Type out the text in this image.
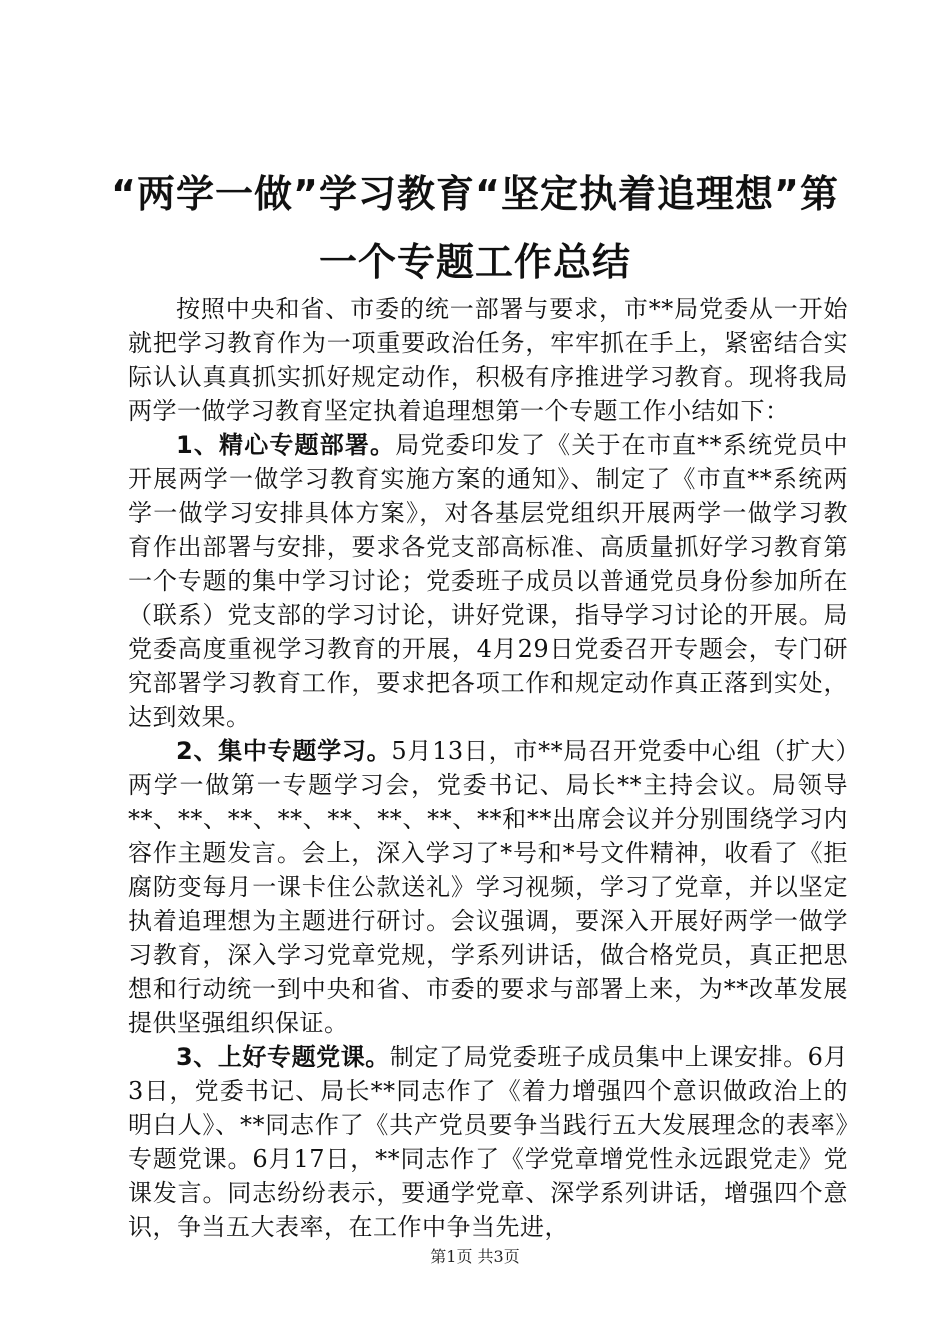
“两学一做”学习教育“坚定执着追理想”第
一个专题工作总结

按照中央和省、市委的统一部署与要求，市**局党委从一开始就把学习教育作为一项重要政治任务，牢牢抓在手上，紧密结合实际认认真真抓实抓好规定动作，积极有序推进学习教育。现将我局两学一做学习教育坚定执着追理想第一个专题工作小结如下：

1、精心专题部署。局党委印发了《关于在市直**系统党员中开展两学一做学习教育实施方案的通知》、制定了《市直**系统两学一做学习安排具体方案》，对各基层党组织开展两学一做学习教育作出部署与安排，要求各党支部高标准、高质量抓好学习教育第一个专题的集中学习讨论；党委班子成员以普通党员身份参加所在（联系）党支部的学习讨论，讲好党课，指导学习讨论的开展。局党委高度重视学习教育的开展，4月29日党委召开专题会，专门研究部署学习教育工作，要求把各项工作和规定动作真正落到实处，达到效果。

2、集中专题学习。5月13日，市**局召开党委中心组（扩大）两学一做第一专题学习会，党委书记、局长**主持会议。局领导**、**、**、**、**、**、**、**和**出席会议并分别围绕学习内容作主题发言。会上，深入学习了*号和*号文件精神，收看了《拒腐防变每月一课卡住公款送礼》学习视频，学习了党章，并以坚定执着追理想为主题进行研讨。会议强调，要深入开展好两学一做学习教育，深入学习党章党规，学系列讲话，做合格党员，真正把思想和行动统一到中央和省、市委的要求与部署上来，为**改革发展提供坚强组织保证。

3、上好专题党课。制定了局党委班子成员集中上课安排。6月3日，党委书记、局长**同志作了《着力增强四个意识做政治上的明白人》、**同志作了《共产党员要争当践行五大发展理念的表率》专题党课。6月17日，**同志作了《学党章增党性永远跟党走》党课发言。同志纷纷表示，要通学党章、深学系列讲话，增强四个意识，争当五大表率，在工作中争当先进，

第1页 共3页
